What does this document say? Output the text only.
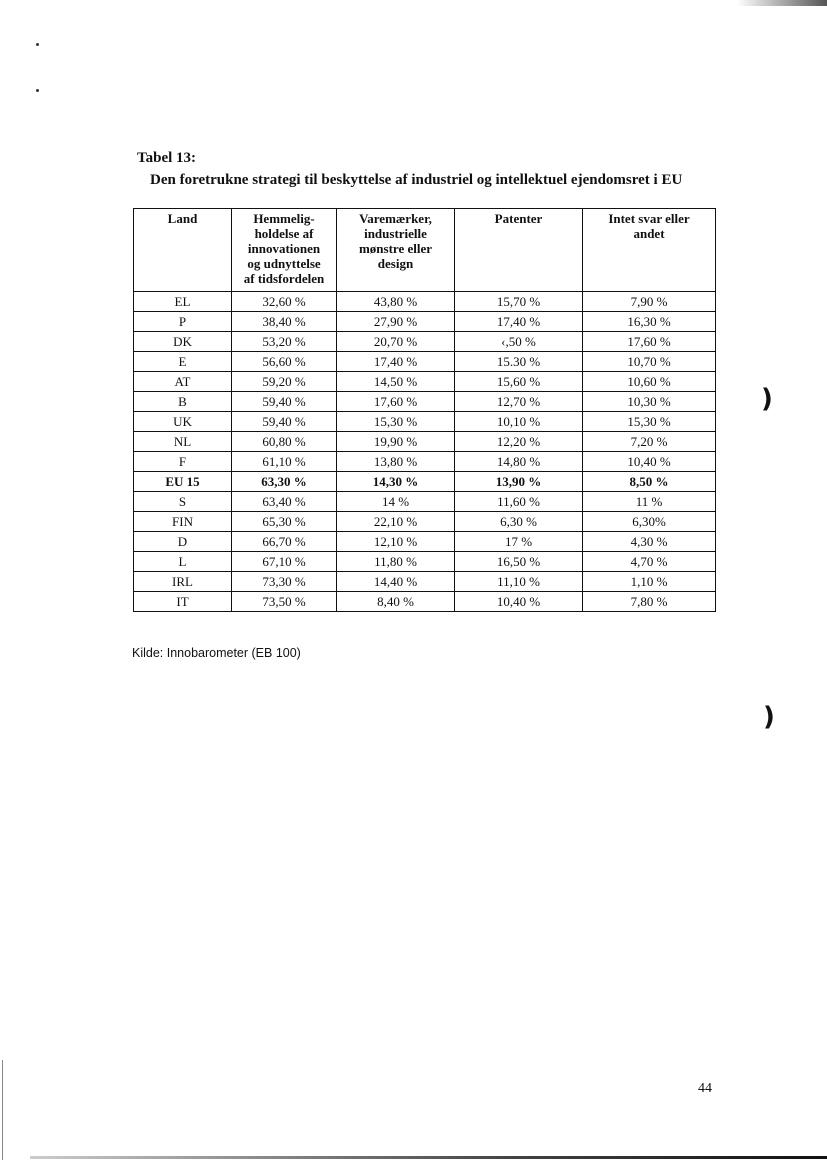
Tabel 13:
Den foretrukne strategi til beskyttelse af industriel og intellektuel ejendomsret i EU
Land	Hemmelig-
holdelse af
innovationen
og udnyttelse
af tidsfordelen	Varemærker,
industrielle
mønstre eller
design	Patenter	Intet svar eller
andet
EL	32,60 %	43,80 %	15,70 %	7,90 %
P	38,40 %	27,90 %	17,40 %	16,30 %
DK	53,20 %	20,70 %	‹,50 %	17,60 %
E	56,60 %	17,40 %	15.30 %	10,70 %
AT	59,20 %	14,50 %	15,60 %	10,60 %
B	59,40 %	17,60 %	12,70 %	10,30 %
UK	59,40 %	15,30 %	10,10 %	15,30 %
NL	60,80 %	19,90 %	12,20 %	7,20 %
F	61,10 %	13,80 %	14,80 %	10,40 %
EU 15	63,30 %	14,30 %	13,90 %	8,50 %
S	63,40 %	14 %	11,60 %	11 %
FIN	65,30 %	22,10 %	6,30 %	6,30%
D	66,70 %	12,10 %	17 %	4,30 %
L	67,10 %	11,80 %	16,50 %	4,70 %
IRL	73,30 %	14,40 %	11,10 %	1,10 %
IT	73,50 %	8,40 %	10,40 %	7,80 %
Kilde: Innobarometer (EB 100)
)
)
44
